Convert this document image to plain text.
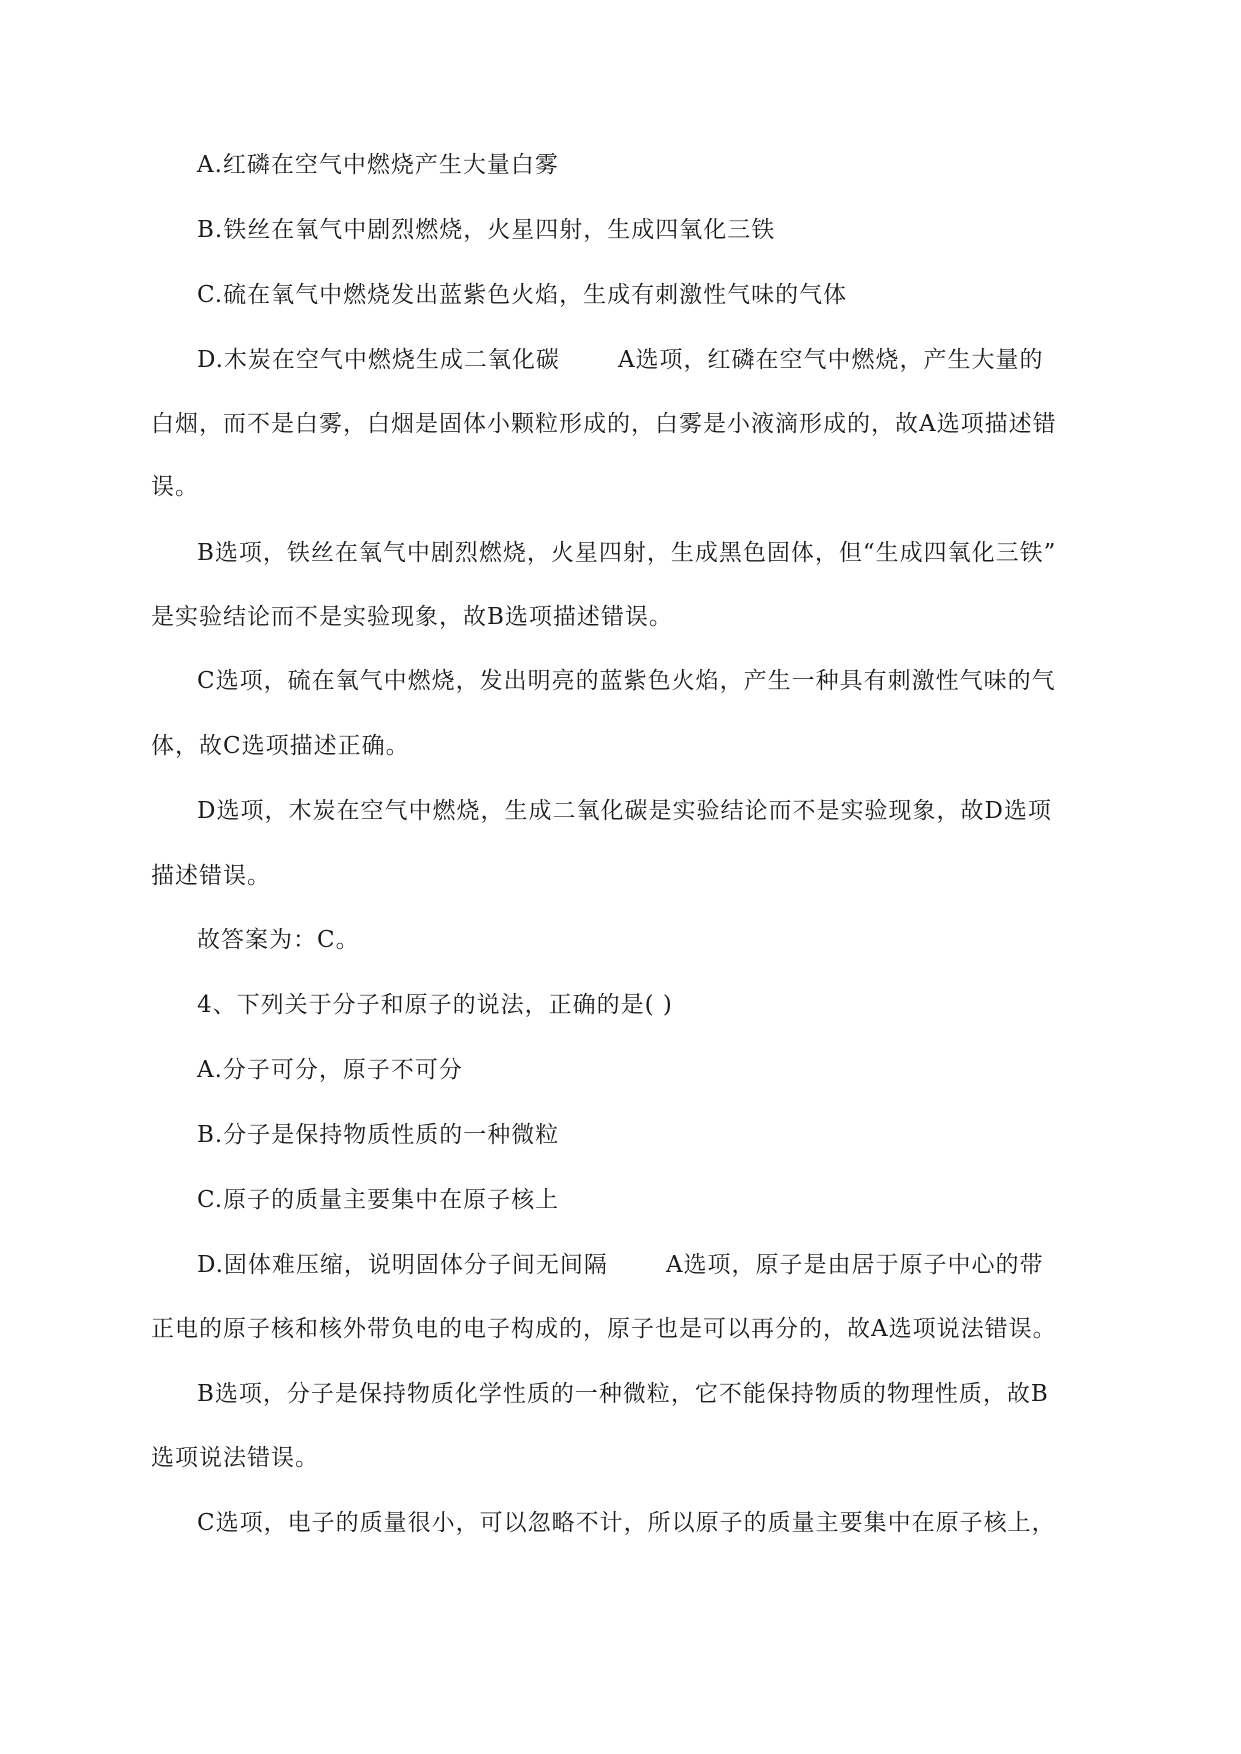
A.红磷在空气中燃烧产生大量白雾
B.铁丝在氧气中剧烈燃烧，火星四射，生成四氧化三铁
C.硫在氧气中燃烧发出蓝紫色火焰，生成有刺激性气味的气体
D.木炭在空气中燃烧生成二氧化碳	A选项，红磷在空气中燃烧，产生大量的
白烟，而不是白雾，白烟是固体小颗粒形成的，白雾是小液滴形成的，故A选项描述错
误。
B选项，铁丝在氧气中剧烈燃烧，火星四射，生成黑色固体，但“生成四氧化三铁”
是实验结论而不是实验现象，故B选项描述错误。
C选项，硫在氧气中燃烧，发出明亮的蓝紫色火焰，产生一种具有刺激性气味的气
体，故C选项描述正确。
D选项，木炭在空气中燃烧，生成二氧化碳是实验结论而不是实验现象，故D选项
描述错误。
故答案为：C。
4、下列关于分子和原子的说法，正确的是( )
A.分子可分，原子不可分
B.分子是保持物质性质的一种微粒
C.原子的质量主要集中在原子核上
D.固体难压缩，说明固体分子间无间隔	A选项，原子是由居于原子中心的带
正电的原子核和核外带负电的电子构成的，原子也是可以再分的，故A选项说法错误。
B选项，分子是保持物质化学性质的一种微粒，它不能保持物质的物理性质，故B
选项说法错误。
C选项，电子的质量很小，可以忽略不计，所以原子的质量主要集中在原子核上，
